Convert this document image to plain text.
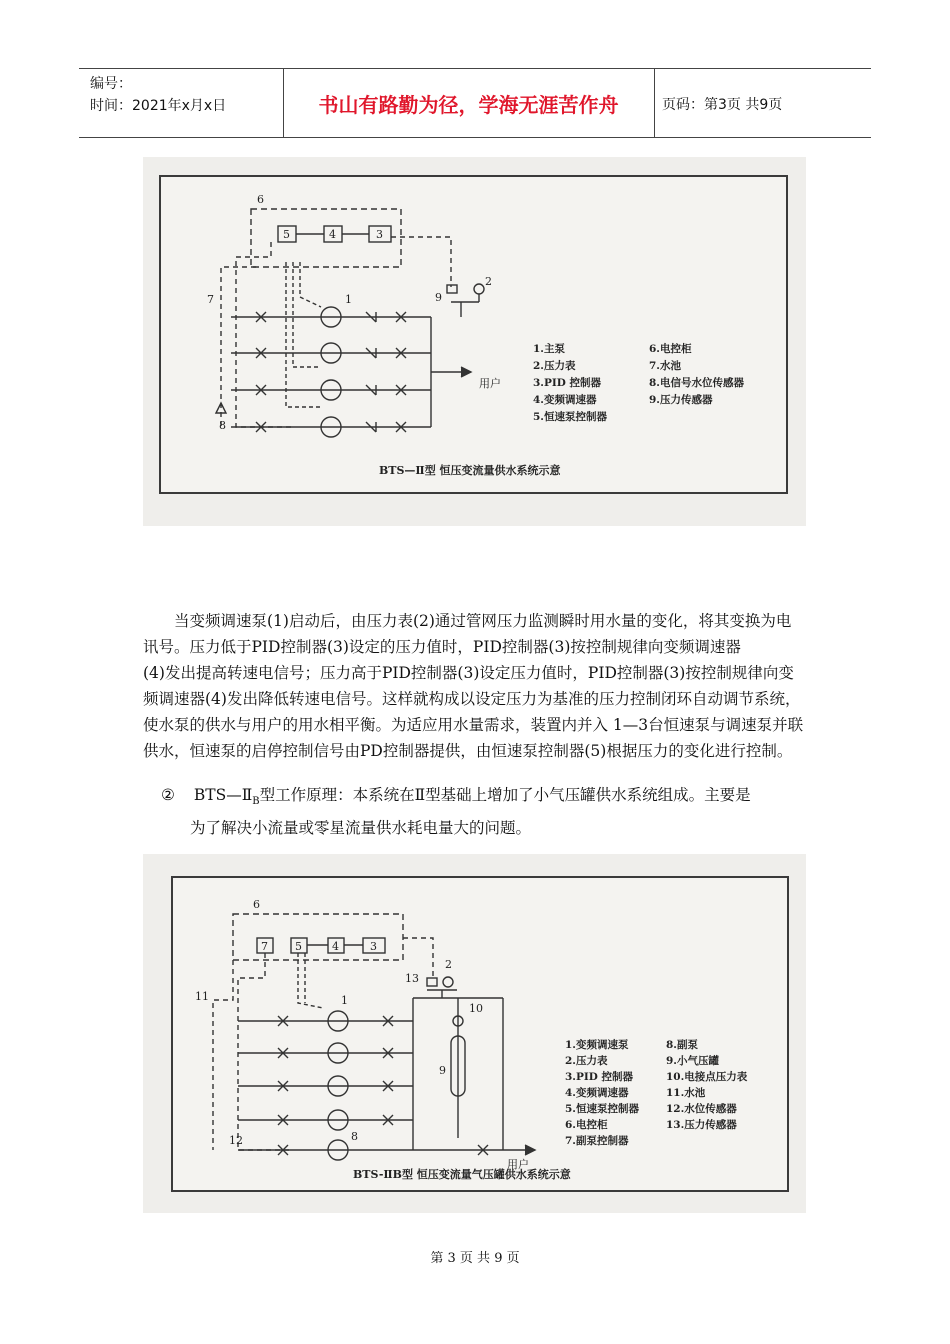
编号：
时间：2021年x月x日	书山有路勤为径，学海无涯苦作舟	页码：第3页 共9页
6
5	4	3
7	1	9
2
8
用户
1.主泵
2.压力表
3.PID 控制器
4.变频调速器
5.恒速泵控制器
6.电控柜
7.水池
8.电信号水位传感器
9.压力传感器
BTS—Ⅱ型 恒压变流量供水系统示意
当变频调速泵(1)启动后，由压力表(2)通过管网压力监测瞬时用水量的变化，将其变换为电讯号。压力低于PID控制器(3)设定的压力值时，PID控制器(3)按控制规律向变频调速器
(4)发出提高转速电信号；压力高于PID控制器(3)设定压力值时，PID控制器(3)按控制规律向变频调速器(4)发出降低转速电信号。这样就构成以设定压力为基准的压力控制闭环自动调节系统，使水泵的供水与用户的用水相平衡。为适应用水量需求，装置内并入 1—3台恒速泵与调速泵并联供水，恒速泵的启停控制信号由PD控制器提供，由恒速泵控制器(5)根据压力的变化进行控制。
② $BTS—Ⅱ_B$型工作原理：本系统在Ⅱ型基础上增加了小气压罐供水系统组成。主要是
为了解决小流量或零星流量供水耗电量大的问题。
6
7 5	4	3
13
2
11	1
10
9
8
12
用户
1.变频调速泵
2.压力表
3.PID 控制器
4.变频调速器
5.恒速泵控制器
6.电控柜
7.副泵控制器
8.副泵
9.小气压罐
10.电接点压力表
11.水池
12.水位传感器
13.压力传感器
BTS-ⅡB型 恒压变流量气压罐供水系统示意
第 3 页 共 9 页
